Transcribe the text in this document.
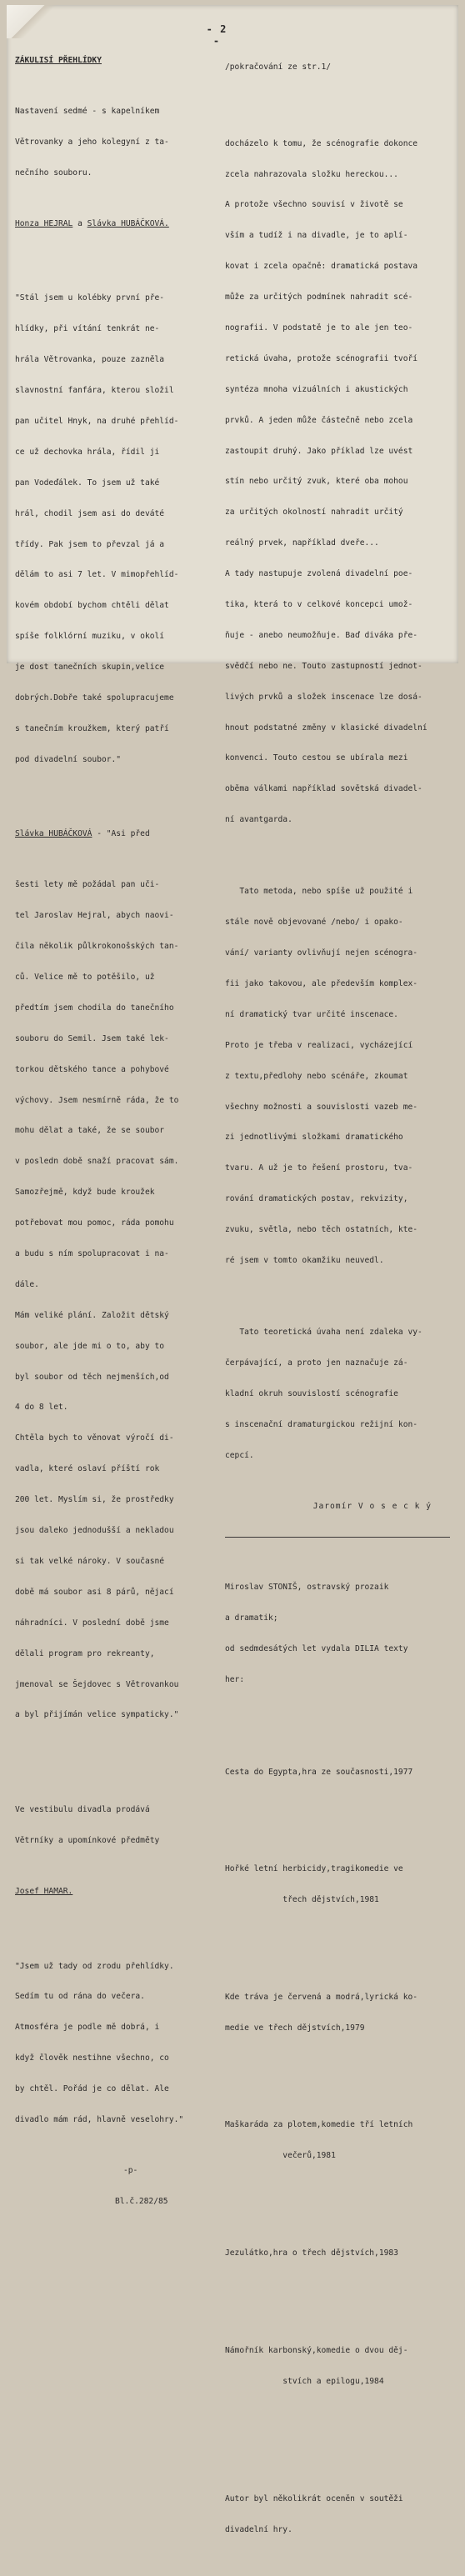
- 2 -

ZÁKULISÍ PŘEHLÍDKY

Nastavení sedmé - s kapelníkem

Větrovanky a jeho kolegyní z ta-

nečního souboru.

Honza HEJRAL a Slávka HUBÁČKOVÁ.

"Stál jsem u kolébky první pře-

hlídky, při vítání tenkrát ne-

hrála Větrovanka, pouze zazněla

slavnostní fanfára, kterou složil

pan učitel Hnyk, na druhé přehlíd-

ce už dechovka hrála, řídil ji

pan Vodeďálek. To jsem už také

hrál, chodil jsem asi do deváté

třídy. Pak jsem to převzal já a

dělám to asi 7 let. V mimopřehlíd-

kovém období bychom chtěli dělat

spíše folklórní muziku, v okolí

je dost tanečních skupin,velice

dobrých.Dobře také spolupracujeme

s tanečním kroužkem, který patří

pod divadelní soubor."

Slávka HUBÁČKOVÁ - "Asi před

šesti lety mě požádal pan uči-

tel Jaroslav Hejral, abych naovi-

čila několik půlkrokonošských tan-

ců. Velice mě to potěšilo, už

předtím jsem chodila do tanečního

souboru do Semil. Jsem také lek-

torkou dětského tance a pohybové

výchovy. Jsem nesmírně ráda, že to

mohu dělat a také, že se soubor

v posledn době snaží pracovat sám.

Samozřejmě, když bude kroužek

potřebovat mou pomoc, ráda pomohu

a budu s ním spolupracovat i na-

dále.

Mám veliké plání. Založit dětský

soubor, ale jde mi o to, aby to

byl soubor od těch nejmenších,od

4 do 8 let.

Chtěla bych to věnovat výročí di-

vadla, které oslaví příští rok

200 let. Myslím si, že prostředky

jsou daleko jednodušší a nekladou

si tak velké nároky. V současné

době má soubor asi 8 párů, nějací

náhradníci. V poslední době jsme

dělali program pro rekreanty,

jmenoval se Šejdovec s Větrovankou

a byl přijímán velice sympaticky."

Ve vestibulu divadla prodává

Větrníky a upomínkové předměty

Josef HAMAR.

"Jsem už tady od zrodu přehlídky.

Sedím tu od rána do večera.

Atmosféra je podle mě dobrá, i

když člověk nestihne všechno, co

by chtěl. Pořád je co dělat. Ale

divadlo mám rád, hlavně veselohry."

-p-

Bl.č.282/85

/pokračování ze str.1/

docházelo k tomu, že scénografie dokonce

zcela nahrazovala složku hereckou...

A protože všechno souvisí v životě se

vším a tudíž i na divadle, je to aplí-

kovat i zcela opačně: dramatická postava

může za určitých podmínek nahradit scé-

nografii. V podstatě je to ale jen teo-

retická úvaha, protože scénografii tvoří

syntéza mnoha vizuálních i akustických

prvků. A jeden může částečně nebo zcela

zastoupit druhý. Jako příklad lze uvést

stín nebo určitý zvuk, které oba mohou

za určitých okolností nahradit určitý

reálný prvek, například dveře...

A tady nastupuje zvolená divadelní poe-

tika, která to v celkové koncepci umož-

ňuje - anebo neumožňuje. Baď diváka pře-

svědčí nebo ne. Touto zastupností jednot-

livých prvků a složek inscenace lze dosá-

hnout podstatné změny v klasické divadelní

konvenci. Touto cestou se ubírala mezi

oběma válkami například sovětská divadel-

ní avantgarda.

Tato metoda, nebo spíše už použité i

stále nově objevované /nebo/ i opako-

vání/ varianty ovlivňují nejen scénogra-

fii jako takovou, ale především komplex-

ní dramatický tvar určité inscenace.

Proto je třeba v realizaci, vycházející

z textu,předlohy nebo scénáře, zkoumat

všechny možnosti a souvislosti vazeb me-

zi jednotlivými složkami dramatického

tvaru. A už je to řešení prostoru, tva-

rování dramatických postav, rekvizity,

zvuku, světla, nebo těch ostatních, kte-

ré jsem v tomto okamžiku neuvedl.

Tato teoretická úvaha není zdaleka vy-

čerpávající, a proto jen naznačuje zá-

kladní okruh souvislostí scénografie

s inscenační dramaturgickou režijní kon-

cepcí.

Jaromír V o s e c k ý

Miroslav STONIŠ, ostravský prozaik

a dramatik;

od sedmdesátých let vydala DILIA texty

her:

Cesta do Egypta,hra ze současnosti,1977

Hořké letní herbicidy,tragikomedie ve

třech dějstvích,1981

Kde tráva je červená a modrá,lyrická ko-

medie ve třech dějstvích,1979

Maškaráda za plotem,komedie tří letních

večerů,1981

Jezulátko,hra o třech dějstvích,1983

Námořník karbonský,komedie o dvou děj-

stvích a epilogu,1984

Autor byl několikrát oceněn v soutěži

divadelní hry.
